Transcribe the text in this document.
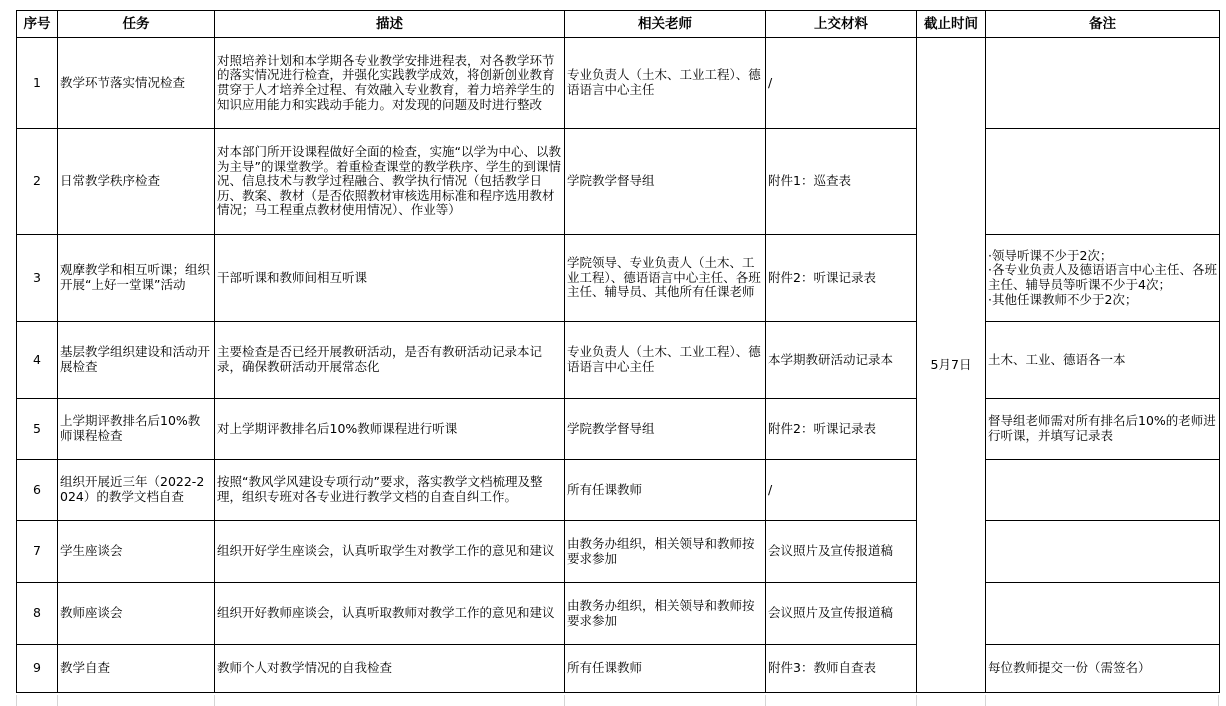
序号	任务	描述	相关老师	上交材料	截止时间	备注
1	教学环节落实情况检查	对照培养计划和本学期各专业教学安排进程表，对各教学环节的落实情况进行检查，并强化实践教学成效，将创新创业教育贯穿于人才培养全过程、有效融入专业教育，着力培养学生的知识应用能力和实践动手能力。对发现的问题及时进行整改	专业负责人（土木、工业工程）、德语语言中心主任	/	5月7日	
2	日常教学秩序检查	对本部门所开设课程做好全面的检查，实施“以学为中心、以教为主导”的课堂教学。着重检查课堂的教学秩序、学生的到课情况、信息技术与教学过程融合、教学执行情况（包括教学日历、教案、教材（是否依照教材审核选用标准和程序选用教材情况；马工程重点教材使用情况）、作业等）	学院教学督导组	附件1：巡查表		
3	观摩教学和相互听课；组织开展“上好一堂课”活动	干部听课和教师间相互听课	学院领导、专业负责人（土木、工业工程）、德语语言中心主任、各班主任、辅导员、其他所有任课老师	附件2：听课记录表		·领导听课不少于2次；
·各专业负责人及德语语言中心主任、各班主任、辅导员等听课不少于4次；
·其他任课教师不少于2次；

4	基层教学组织建设和活动开展检查	主要检查是否已经开展教研活动，是否有教研活动记录本记录，确保教研活动开展常态化	专业负责人（土木、工业工程）、德语语言中心主任	本学期教研活动记录本		土木、工业、德语各一本

5	上学期评教排名后10%教师课程检查	对上学期评教排名后10%教师课程进行听课	学院教学督导组	附件2：听课记录表		督导组老师需对所有排名后10%的老师进行听课，并填写记录表

6	组织开展近三年（2022-2024）的教学文档自查	按照“教风学风建设专项行动”要求，落实教学文档梳理及整理，组织专班对各专业进行教学文档的自查自纠工作。	所有任课教师	/		
7	学生座谈会	组织开好学生座谈会，认真听取学生对教学工作的意见和建议	由教务办组织，相关领导和教师按要求参加	会议照片及宣传报道稿		
8	教师座谈会	组织开好教师座谈会，认真听取教师对教学工作的意见和建议	由教务办组织，相关领导和教师按要求参加	会议照片及宣传报道稿		
9	教学自查	教师个人对教学情况的自我检查	所有任课教师	附件3：教师自查表		每位教师提交一份（需签名）
